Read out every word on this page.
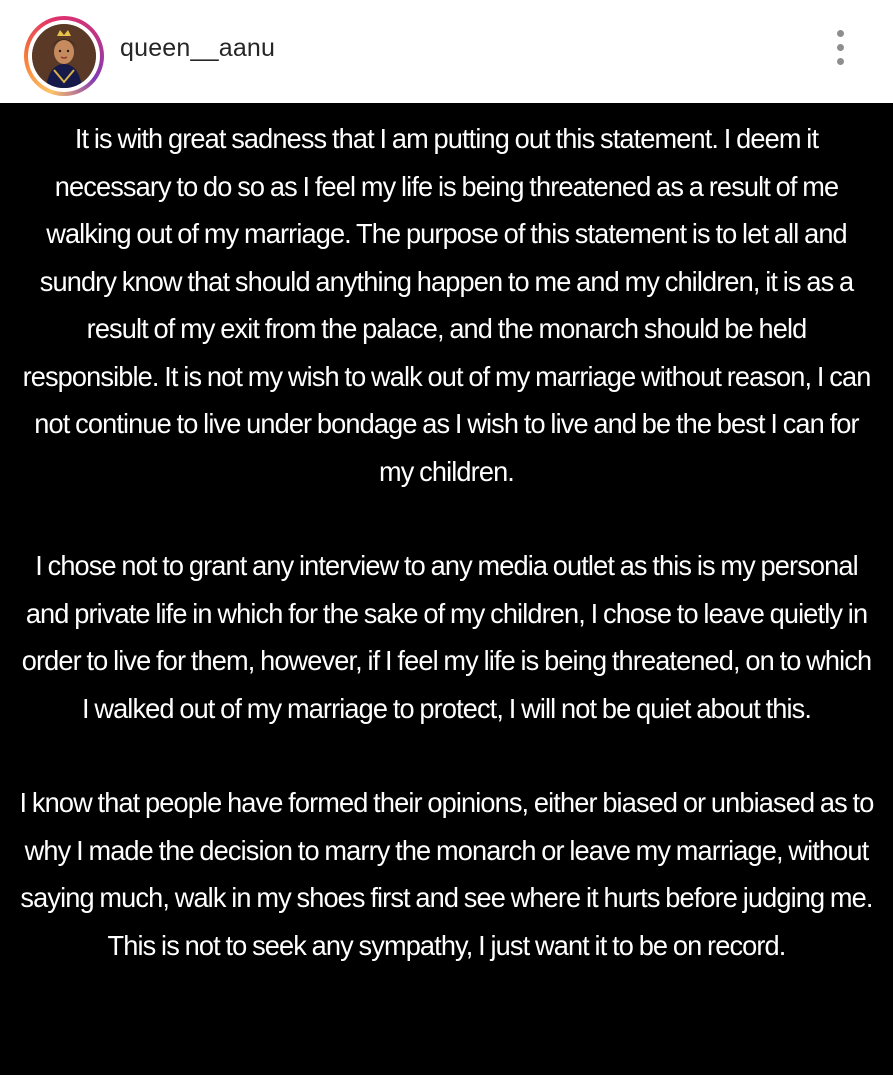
queen__aanu

It is with great sadness that I am putting out this statement. I deem it necessary to do so as I feel my life is being threatened as a result of me walking out of my marriage. The purpose of this statement is to let all and sundry know that should anything happen to me and my children, it is as a result of my exit from the palace, and the monarch should be held responsible. It is not my wish to walk out of my marriage without reason, I can not continue to live under bondage as I wish to live and be the best I can for my children.

I chose not to grant any interview to any media outlet as this is my personal and private life in which for the sake of my children, I chose to leave quietly in order to live for them, however, if I feel my life is being threatened, on to which I walked out of my marriage to protect, I will not be quiet about this.

I know that people have formed their opinions, either biased or unbiased as to why I made the decision to marry the monarch or leave my marriage, without saying much, walk in my shoes first and see where it hurts before judging me. This is not to seek any sympathy, I just want it to be on record.
